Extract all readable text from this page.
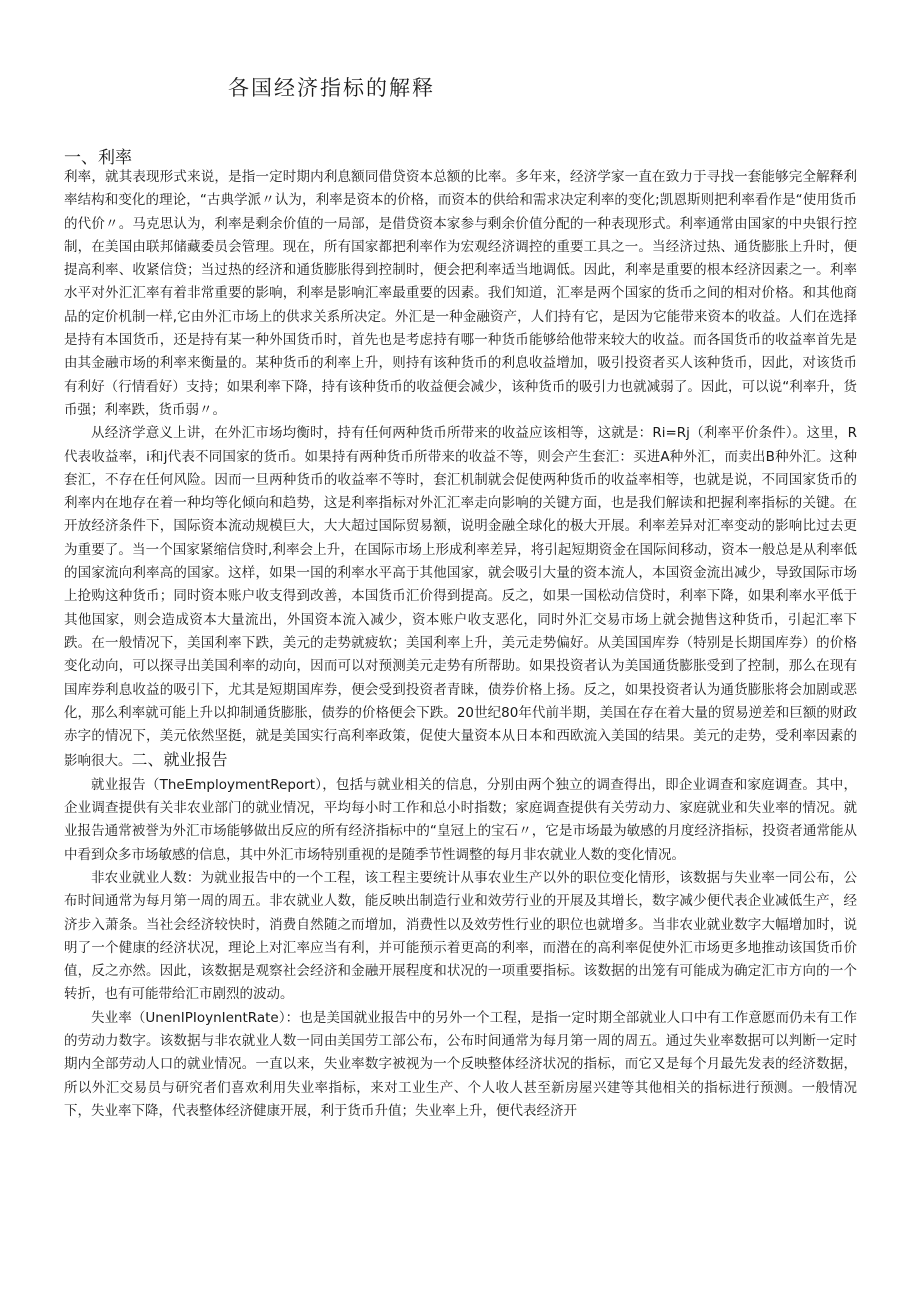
各国经济指标的解释
一、利率

利率，就其表现形式来说，是指一定时期内利息额同借贷资本总额的比率。多年来，经济学家一直在致力于寻找一套能够完全解释利率结构和变化的理论，“古典学派〃认为，利率是资本的价格，而资本的供给和需求决定利率的变化;凯恩斯则把利率看作是“使用货币的代价〃。马克思认为，利率是剩余价值的一局部，是借贷资本家参与剩余价值分配的一种表现形式。利率通常由国家的中央银行控制，在美国由联邦储藏委员会管理。现在，所有国家都把利率作为宏观经济调控的重要工具之一。当经济过热、通货膨胀上升时，便提高利率、收紧信贷；当过热的经济和通货膨胀得到控制时，便会把利率适当地调低。因此，利率是重要的根本经济因素之一。利率水平对外汇汇率有着非常重要的影响，利率是影响汇率最重要的因素。我们知道，汇率是两个国家的货币之间的相对价格。和其他商品的定价机制一样,它由外汇市场上的供求关系所决定。外汇是一种金融资产，人们持有它，是因为它能带来资本的收益。人们在选择是持有本国货币，还是持有某一种外国货币时，首先也是考虑持有哪一种货币能够给他带来较大的收益。而各国货币的收益率首先是由其金融市场的利率来衡量的。某种货币的利率上升，则持有该种货币的利息收益增加，吸引投资者买人该种货币，因此，对该货币有利好（行情看好）支持；如果利率下降，持有该种货币的收益便会减少，该种货币的吸引力也就减弱了。因此，可以说“利率升，货币强；利率跌，货币弱〃。

从经济学意义上讲，在外汇市场均衡时，持有任何两种货币所带来的收益应该相等，这就是：Ri=Rj（利率平价条件）。这里，R代表收益率，i和j代表不同国家的货币。如果持有两种货币所带来的收益不等，则会产生套汇：买进A种外汇，而卖出B种外汇。这种套汇，不存在任何风险。因而一旦两种货币的收益率不等时，套汇机制就会促使两种货币的收益率相等，也就是说，不同国家货币的利率内在地存在着一种均等化倾向和趋势，这是利率指标对外汇汇率走向影响的关键方面，也是我们解读和把握利率指标的关键。在开放经济条件下，国际资本流动规模巨大，大大超过国际贸易额，说明金融全球化的极大开展。利率差异对汇率变动的影响比过去更为重要了。当一个国家紧缩信贷时,利率会上升，在国际市场上形成利率差异，将引起短期资金在国际间移动，资本一般总是从利率低的国家流向利率高的国家。这样，如果一国的利率水平高于其他国家，就会吸引大量的资本流人，本国资金流出减少，导致国际市场上抢购这种货币；同时资本账户收支得到改善，本国货币汇价得到提高。反之，如果一国松动信贷时，利率下降，如果利率水平低于其他国家，则会造成资本大量流出，外国资本流入减少，资本账户收支恶化，同时外汇交易市场上就会抛售这种货币，引起汇率下跌。在一般情况下，美国利率下跌，美元的走势就疲软；美国利率上升，美元走势偏好。从美国国库券（特别是长期国库券）的价格变化动向，可以探寻出美国利率的动向，因而可以对预测美元走势有所帮助。如果投资者认为美国通货膨胀受到了控制，那么在现有国库券利息收益的吸引下，尤其是短期国库券，便会受到投资者青睐，债券价格上扬。反之，如果投资者认为通货膨胀将会加剧或恶化，那么利率就可能上升以抑制通货膨胀，债券的价格便会下跌。20世纪80年代前半期，美国在存在着大量的贸易逆差和巨额的财政赤字的情况下，美元依然坚挺，就是美国实行高利率政策，促使大量资本从日本和西欧流入美国的结果。美元的走势，受利率因素的影响很大。二、就业报告

就业报告（TheEmploymentReport），包括与就业相关的信息，分别由两个独立的调查得出，即企业调查和家庭调查。其中，企业调查提供有关非农业部门的就业情况，平均每小时工作和总小时指数；家庭调查提供有关劳动力、家庭就业和失业率的情况。就业报告通常被誉为外汇市场能够做出反应的所有经济指标中的“皇冠上的宝石〃，它是市场最为敏感的月度经济指标，投资者通常能从中看到众多市场敏感的信息，其中外汇市场特别重视的是随季节性调整的每月非农就业人数的变化情况。

非农业就业人数：为就业报告中的一个工程，该工程主要统计从事农业生产以外的职位变化情形，该数据与失业率一同公布，公布时间通常为每月第一周的周五。非农就业人数，能反映出制造行业和效劳行业的开展及其增长，数字减少便代表企业减低生产，经济步入萧条。当社会经济较快时，消费自然随之而增加，消费性以及效劳性行业的职位也就增多。当非农业就业数字大幅增加时，说明了一个健康的经济状况，理论上对汇率应当有利，并可能预示着更高的利率，而潜在的高利率促使外汇市场更多地推动该国货币价值，反之亦然。因此，该数据是观察社会经济和金融开展程度和状况的一项重要指标。该数据的出笼有可能成为确定汇市方向的一个转折，也有可能带给汇市剧烈的波动。

失业率（UnenIPIoynIentRate）：也是美国就业报告中的另外一个工程，是指一定时期全部就业人口中有工作意愿而仍未有工作的劳动力数字。该数据与非农就业人数一同由美国劳工部公布，公布时间通常为每月第一周的周五。通过失业率数据可以判断一定时期内全部劳动人口的就业情况。一直以来，失业率数字被视为一个反映整体经济状况的指标，而它又是每个月最先发表的经济数据，所以外汇交易员与研究者们喜欢利用失业率指标，来对工业生产、个人收人甚至新房屋兴建等其他相关的指标进行预测。一般情况下，失业率下降，代表整体经济健康开展，利于货币升值；失业率上升，便代表经济开
